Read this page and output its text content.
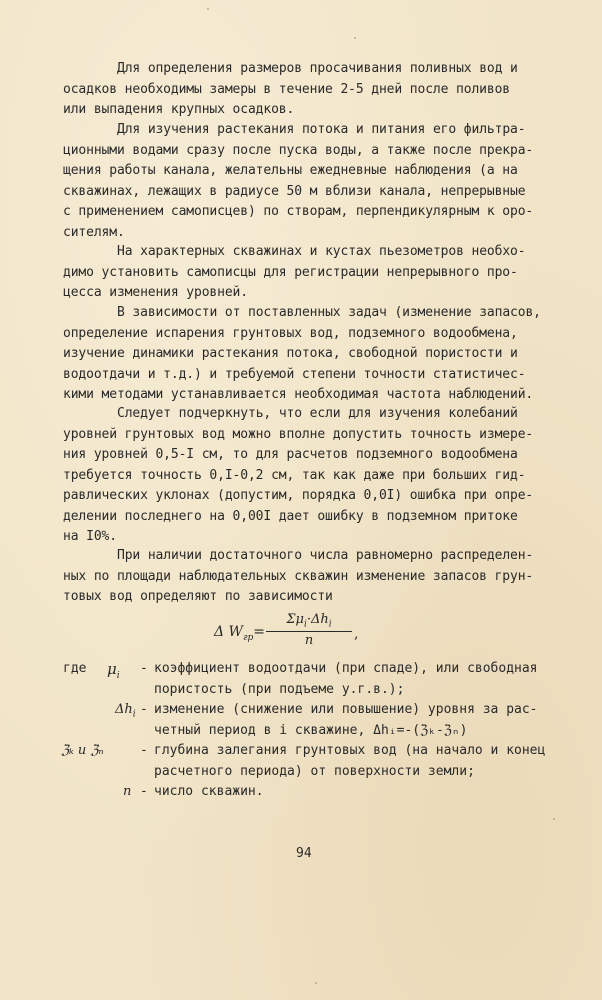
Для определения размеров просачивания поливных вод и
осадков необходимы замеры в течение 2-5 дней после поливов
или выпадения крупных осадков.
Для изучения растекания потока и питания его фильтра-
ционными водами сразу после пуска воды, а также после прекра-
щения работы канала, желательны ежедневные наблюдения (а на
скважинах, лежащих в радиусе 50 м вблизи канала, непрерывные
с применением самописцев) по створам, перпендикулярным к оро-
сителям.
На характерных скважинах и кустах пьезометров необхо-
димо установить самописцы для регистрации непрерывного про-
цесса изменения уровней.
В зависимости от поставленных задач (изменение запасов,
определение испарения грунтовых вод, подземного водообмена,
изучение динамики растекания потока, свободной пористости и
водоотдачи и т.д.) и требуемой степени точности статистичес-
кими методами устанавливается необходимая частота наблюдений.
Следует подчеркнуть, что если для изучения колебаний
уровней грунтовых вод можно вполне допустить точность измере-
ния уровней 0,5-I см, то для расчетов подземного водообмена
требуется точность 0,I-0,2 см, так как даже при больших гид-
равлических уклонах (допустим, порядка 0,0I) ошибка при опре-
делении последнего на 0,00I дает ошибку в подземном притоке
на I0%.
При наличии достаточного числа равномерно распределен-
ных по площади наблюдательных скважин изменение запасов грун-
товых вод определяют по зависимости
Δ $W_{гр}=$
$\Sigma\mu_i\cdot\Delta h_i$
n	,
где $\mu_i$ - коэффициент водоотдачи (при спаде), или свободная
пористость (при подъеме у.г.в.);
$\Delta h_i$ - изменение (снижение или повышение) уровня за рас-
четный период в i скважине, Δhᵢ=-(ℨₖ-ℨₙ)
ℨₖ и ℨₙ	- глубина залегания грунтовых вод (на начало и конец
расчетного периода) от поверхности земли;
n - число скважин.
94
